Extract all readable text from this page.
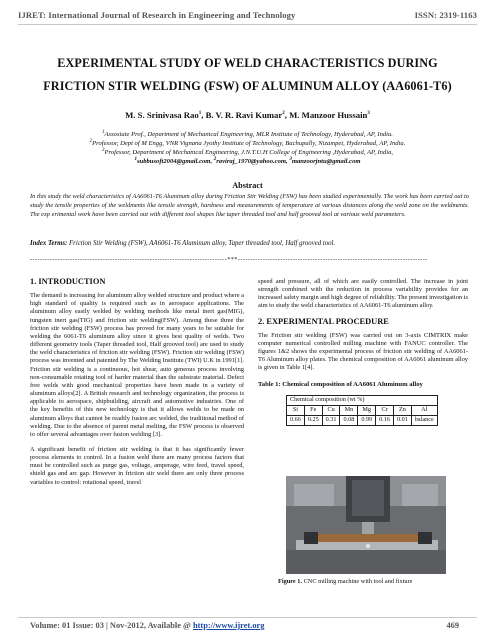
IJRET: International Journal of Research in Engineering and Technology	ISSN: 2319-1163
EXPERIMENTAL STUDY OF WELD CHARACTERISTICS DURING
FRICTION STIR WELDING (FSW) OF ALUMINUM ALLOY (AA6061-T6)
M. S. Srinivasa Rao$^1$, B. V. R. Ravi Kumar$^2$, M. Manzoor Hussain$^3$
$^1$Assosiate Prof., Department of Mechanical Engineering, MLR Institute of Technology, Hyderabad, AP, India.
$^2$Professor, Dept of M Engg, VNR Vignana Jyothy Institute of Technology, Bachupally, Nizampet, Hyderabad, AP, India.
$^3$Professor, Department of Mechanical Engineering, J.N.T.U.H College of Engineering ,Hyderabad, AP, India,
$^1$subbusoft2004@gmail.com, $^2$raviraj_1970@yahoo.com, $^3$manzoorjntu@gmail.com
Abstract
In this study the weld characteristics of AA6061-T6 Aluminum alloy during Friction Stir Welding (FSW) has been studied experimentally. The work has been carried out to study the tensile properties of the weldments like tensile strength, hardness and measurements of temperature at various distances along the weld zone on the weldments. The exp erimental work have been carried out with different tool shapes like taper threaded tool and half grooved tool at various weld parameters.
Index Terms: Friction Stir Welding (FSW), AA6061-T6 Aluminum alloy, Taper threaded tool, Half grooved tool.
-------------------------------------------------------------------------------***----------------------------------------------------------------------------
1. INTRODUCTION

The demand is increasing for aluminum alloy welded structure and product where a high standard of quality is required such as in aerospace applications. The aluminum alloy easily welded by welding methods like metal inert gas(MIG), tungsten inert gas(TIG) and friction stir welding(FSW). Among these three the friction stir welding (FSW) process has proved for many years to be suitable for welding the 6061-T6 aluminum alloy since it gives best quality of welds. Two different geometry tools (Taper threaded tool, Half grooved tool) are used to study the weld characteristics of friction stir welding (FSW). Friction stir welding (FSW) process was invented and patented by The Welding Institute (TWI) U.K in 1991[1]. Friction stir welding is a continuous, hot shear, auto geneous process involving non-consumable rotating tool of harder material than the substrate material. Defect free welds with good mechanical properties have been made in a variety of aluminum alloys[2]. A British research and technology organization, the process is applicable to aerospace, shipbuilding, aircraft and automotive industries. One of the key benefits of this new technology is that it allows welds to be made on aluminum alloys that cannot be readily fusion arc welded, the traditional method of welding. Due to the absence of parent metal melting, the FSW process is observed to offer several advantages over fusion welding [3].

A significant benefit of friction stir welding is that it has significantly fewer process elements to control. In a fusion weld there are many process factors that must be controlled such as purge gas, voltage, amperage, wire feed, travel speed, shield gas and arc gap. However in friction stir weld there are only three process variables to control: rotational speed, travel

speed and pressure, all of which are easily controlled. The increase in joint strength combined with the reduction in process variability provides for an increased safety margin and high degree of reliability. The present investigation is aim to study the weld characteristics of AA6061-T6 aluminum alloy.

2. EXPERIMENTAL PROCEDURE

The Friction stir welding (FSW) was carried out on 3-axis CIMTRIX make computer numerical controlled milling machine with FANUC controller. The figures 1&2 shows the experimental process of friction stir welding of AA6061-T6 Aluminum alloy plates. The chemical composition of AA6061 aluminum alloy is given in Table 1[4].

Table 1: Chemical composition of AA6061 Aluminum alloy
Chemical composition (wt %)							
Si	Fe	Cu	Mn	Mg	Cr	Zn	Al
0.66	0.25	0.31	0.08	0.99	0.16	0.01	balance
Figure 1. CNC milling machine with tool and fixture
Volume: 01 Issue: 03 | Nov-2012, Available @ http://www.ijret.org	469
